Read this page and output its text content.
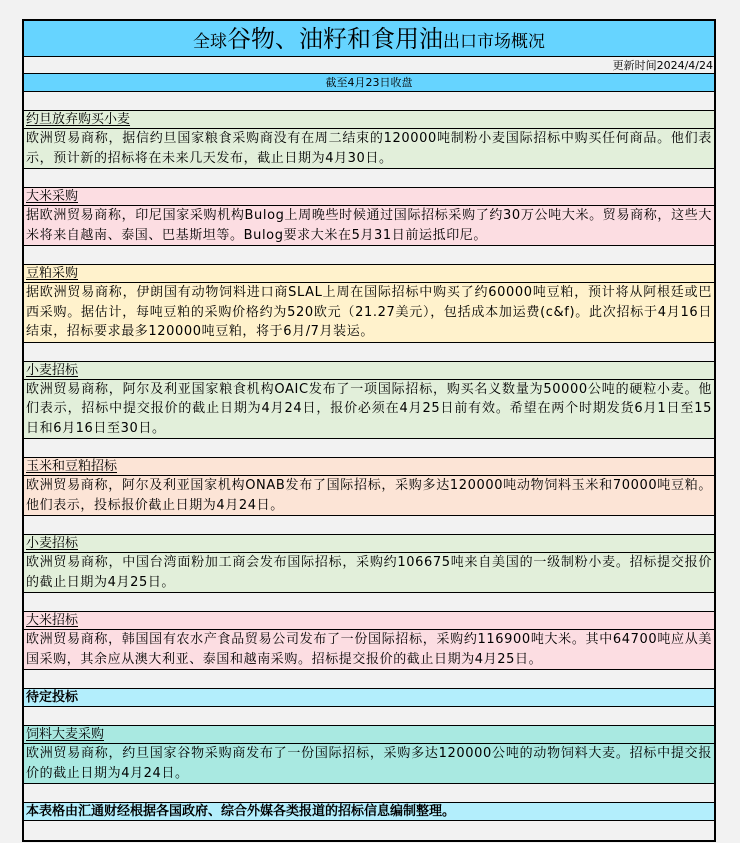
全球谷物、油籽和食用油出口市场概况
更新时间2024/4/24
截至4月23日收盘
约旦放弃购买小麦
欧洲贸易商称，据信约旦国家粮食采购商没有在周二结束的120000吨制粉小麦国际招标中购买任何商品。他们表示，预计新的招标将在未来几天发布，截止日期为4月30日。
大米采购
据欧洲贸易商称，印尼国家采购机构Bulog上周晚些时候通过国际招标采购了约30万公吨大米。贸易商称，这些大米将来自越南、泰国、巴基斯坦等。Bulog要求大米在5月31日前运抵印尼。
豆粕采购
据欧洲贸易商称，伊朗国有动物饲料进口商SLAL上周在国际招标中购买了约60000吨豆粕，预计将从阿根廷或巴西采购。据估计，每吨豆粕的采购价格约为520欧元（21.27美元），包括成本加运费(c&f)。此次招标于4月16日结束，招标要求最多120000吨豆粕，将于6月/7月装运。
小麦招标
欧洲贸易商称，阿尔及利亚国家粮食机构OAIC发布了一项国际招标，购买名义数量为50000公吨的硬粒小麦。他们表示，招标中提交报价的截止日期为4月24日，报价必须在4月25日前有效。希望在两个时期发货6月1日至15日和6月16日至30日。
玉米和豆粕招标
欧洲贸易商称，阿尔及利亚国家机构ONAB发布了国际招标，采购多达120000吨动物饲料玉米和70000吨豆粕。他们表示，投标报价截止日期为4月24日。
小麦招标
欧洲贸易商称，中国台湾面粉加工商会发布国际招标，采购约106675吨来自美国的一级制粉小麦。招标提交报价的截止日期为4月25日。
大米招标
欧洲贸易商称，韩国国有农水产食品贸易公司发布了一份国际招标，采购约116900吨大米。其中64700吨应从美国采购，其余应从澳大利亚、泰国和越南采购。招标提交报价的截止日期为4月25日。
待定投标
饲料大麦采购
欧洲贸易商称，约旦国家谷物采购商发布了一份国际招标，采购多达120000公吨的动物饲料大麦。招标中提交报价的截止日期为4月24日。
本表格由汇通财经根据各国政府、综合外媒各类报道的招标信息编制整理。
